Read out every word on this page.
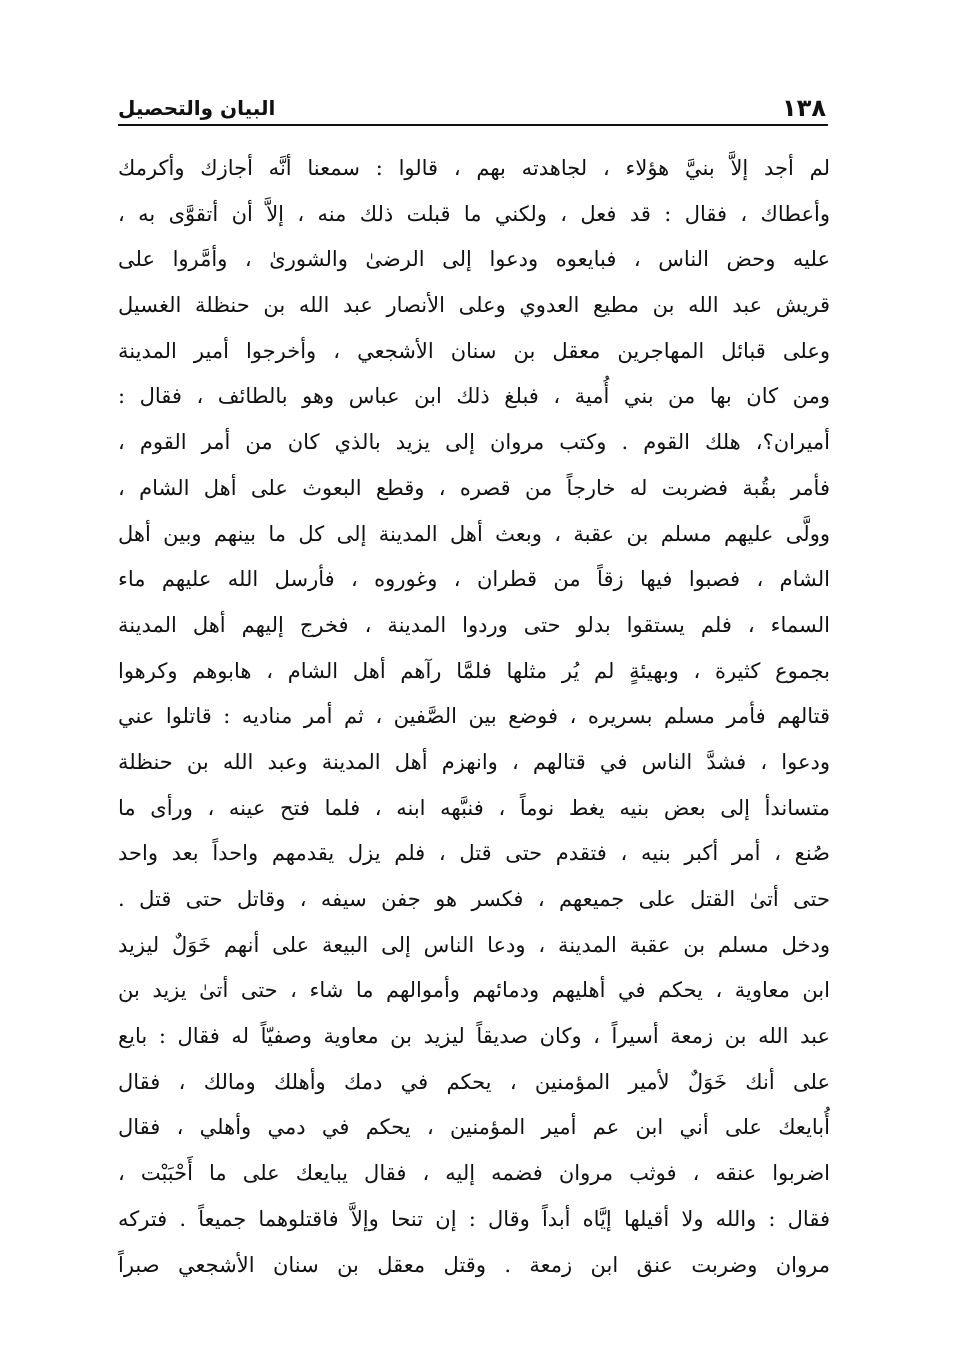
١٣٨
البيان والتحصيل
لم أجد إلاَّ بنيَّ هؤلاء ، لجاهدته بهم ، قالوا : سمعنا أنَّه أجازك وأكرمك
وأعطاك ، فقال : قد فعل ، ولكني ما قبلت ذلك منه ، إلاَّ أن أتقوَّى به ،
عليه وحض الناس ، فبايعوه ودعوا إلى الرضىٰ والشورىٰ ، وأمَّروا على
قريش عبد الله بن مطيع العدوي وعلى الأنصار عبد الله بن حنظلة الغسيل
وعلى قبائل المهاجرين معقل بن سنان الأشجعي ، وأخرجوا أمير المدينة
ومن كان بها من بني أُمية ، فبلغ ذلك ابن عباس وهو بالطائف ، فقال :
أميران؟، هلك القوم . وكتب مروان إلى يزيد بالذي كان من أمر القوم ،
فأمر بقُبة فضربت له خارجاً من قصره ، وقطع البعوث على أهل الشام ،
وولَّى عليهم مسلم بن عقبة ، وبعث أهل المدينة إلى كل ما بينهم وبين أهل
الشام ، فصبوا فيها زقاً من قطران ، وغوروه ، فأرسل الله عليهم ماء
السماء ، فلم يستقوا بدلو حتى وردوا المدينة ، فخرج إليهم أهل المدينة
بجموع كثيرة ، وبهيئةٍ لم يُر مثلها فلمَّا رآهم أهل الشام ، هابوهم وكرهوا
قتالهم فأمر مسلم بسريره ، فوضع بين الصَّفين ، ثم أمر مناديه : قاتلوا عني
ودعوا ، فشدَّ الناس في قتالهم ، وانهزم أهل المدينة وعبد الله بن حنظلة
متساندأ إلى بعض بنيه يغط نوماً ، فنبَّهه ابنه ، فلما فتح عينه ، ورأى ما
صُنع ، أمر أكبر بنيه ، فتقدم حتى قتل ، فلم يزل يقدمهم واحداً بعد واحد
حتى أتىٰ القتل على جميعهم ، فكسر هو جفن سيفه ، وقاتل حتى قتل .
ودخل مسلم بن عقبة المدينة ، ودعا الناس إلى البيعة على أنهم خَوَلٌ ليزيد
ابن معاوية ، يحكم في أهليهم ودمائهم وأموالهم ما شاء ، حتى أتىٰ يزيد بن
عبد الله بن زمعة أسيراً ، وكان صديقاً ليزيد بن معاوية وصفيّاً له فقال : بايع
على أنك خَوَلٌ لأمير المؤمنين ، يحكم في دمك وأهلك ومالك ، فقال
أُبايعك على أني ابن عم أمير المؤمنين ، يحكم في دمي وأهلي ، فقال
اضربوا عنقه ، فوثب مروان فضمه إليه ، فقال يبايعك على ما أَحْبَبْت ،
فقال : والله ولا أقيلها إيَّاه أبداً وقال : إن تنحا وإلاَّ فاقتلوهما جميعاً . فتركه
مروان وضربت عنق ابن زمعة . وقتل معقل بن سنان الأشجعي صبراً
